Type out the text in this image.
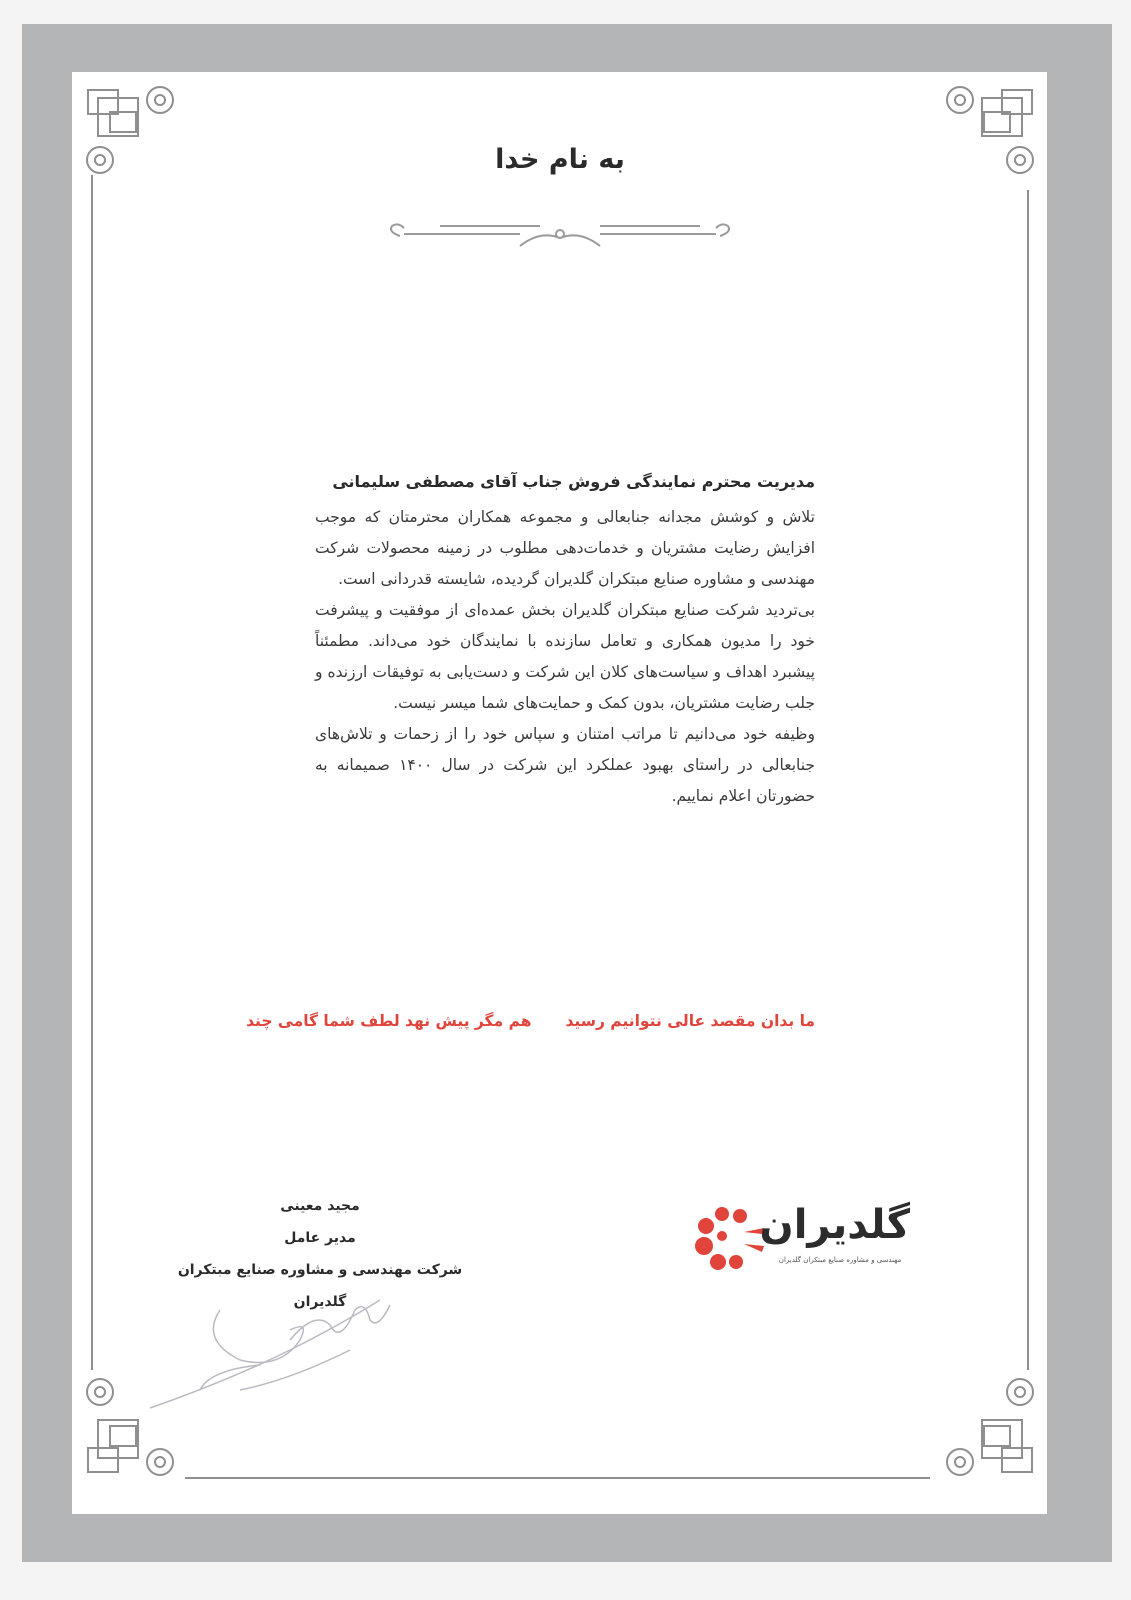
به نام خدا

مدیریت محترم نمایندگی فروش جناب آقای مصطفی سلیمانی

تلاش و کوشش مجدانه جنابعالی و مجموعه همکاران محترمتان که موجب افزایش رضایت مشتریان و خدمات‌دهی مطلوب در زمینه محصولات شرکت مهندسی و مشاوره صنایع مبتکران گلدیران گردیده، شایسته قدردانی است.

بی‌تردید شرکت صنایع مبتکران گلدیران بخش عمده‌ای از موفقیت و پیشرفت خود را مدیون همکاری و تعامل سازنده با نمایندگان خود می‌داند. مطمئناً پیشبرد اهداف و سیاست‌های کلان این شرکت و دست‌یابی به توفیقات ارزنده و جلب رضایت مشتریان، بدون کمک و حمایت‌های شما میسر نیست.

وظیفه خود می‌دانیم تا مراتب امتنان و سپاس خود را از زحمات و تلاش‌های جنابعالی در راستای بهبود عملکرد این شرکت در سال ۱۴۰۰ صمیمانه به حضورتان اعلام نماییم.

ما بدان مقصد عالی نتوانیم رسید
هم مگر پیش نهد لطف شما گامی چند
مجید معینی
مدیر عامل
شرکت مهندسی و مشاوره صنایع مبتکران گلدیران
گلدیران
مهندسی و مشاوره صنایع مبتکران گلدیران
